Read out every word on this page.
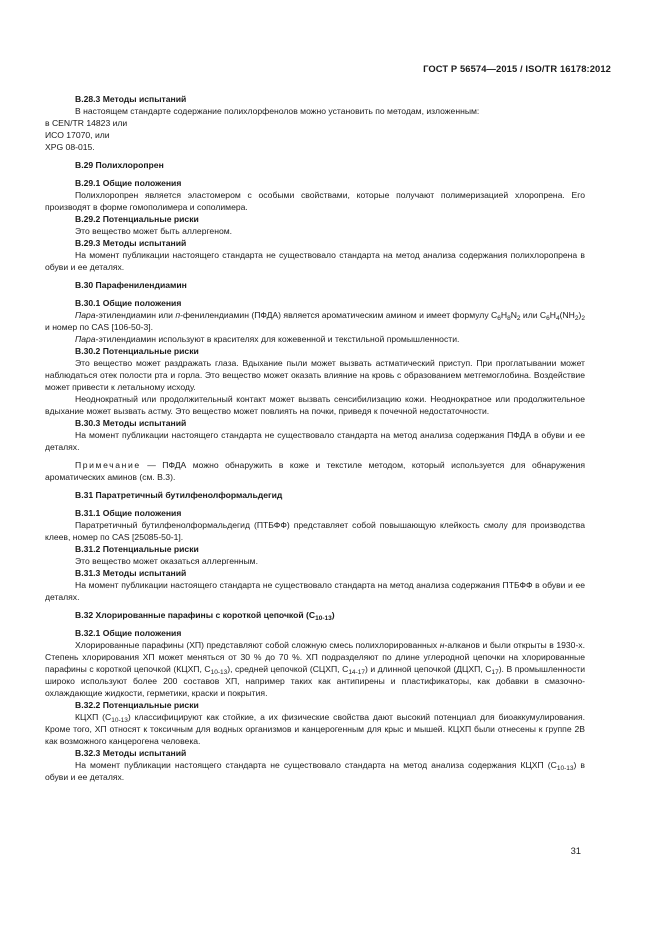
ГОСТ Р 56574—2015 / ISO/TR 16178:2012
В.28.3 Методы испытаний
В настоящем стандарте содержание полихлорфенолов можно установить по методам, изложенным:
в CEN/TR 14823 или
ИСО 17070, или
XPG 08-015.
В.29 Полихлоропрен
В.29.1 Общие положения
Полихлоропрен является эластомером с особыми свойствами, которые получают полимеризацией хлоропрена. Его производят в форме гомополимера и сополимера.
В.29.2 Потенциальные риски
Это вещество может быть аллергеном.
В.29.3 Методы испытаний
На момент публикации настоящего стандарта не существовало стандарта на метод анализа содержания полихлоропрена в обуви и ее деталях.
В.30 Парафенилендиамин
В.30.1 Общие положения
Пара-этилендиамин или п-фенилендиамин (ПФДА) является ароматическим амином и имеет формулу $C_6H_8N_2$ или $C_6H_4(NH_2)_2$ и номер по CAS [106-50-3].
Пара-этилендиамин используют в красителях для кожевенной и текстильной промышленности.
В.30.2 Потенциальные риски
Это вещество может раздражать глаза. Вдыхание пыли может вызвать астматический приступ. При проглатывании может наблюдаться отек полости рта и горла. Это вещество может оказать влияние на кровь с образованием метгемоглобина. Воздействие может привести к летальному исходу.
Неоднократный или продолжительный контакт может вызвать сенсибилизацию кожи. Неоднократное или продолжительное вдыхание может вызвать астму. Это вещество может повлиять на почки, приведя к почечной недостаточности.
В.30.3 Методы испытаний
На момент публикации настоящего стандарта не существовало стандарта на метод анализа содержания ПФДА в обуви и ее деталях.
Примечание — ПФДА можно обнаружить в коже и текстиле методом, который используется для обнаружения ароматических аминов (см. В.3).
В.31 Паратретичный бутилфенолформальдегид
В.31.1 Общие положения
Паратретичный бутилфенолформальдегид (ПТБФФ) представляет собой повышающую клейкость смолу для производства клеев, номер по CAS [25085-50-1].
В.31.2 Потенциальные риски
Это вещество может оказаться аллергенным.
В.31.3 Методы испытаний
На момент публикации настоящего стандарта не существовало стандарта на метод анализа содержания ПТБФФ в обуви и ее деталях.
В.32 Хлорированные парафины с короткой цепочкой $(C_{10-13})$
В.32.1 Общие положения
Хлорированные парафины (ХП) представляют собой сложную смесь полихлорированных н-алканов и были открыты в 1930-х. Степень хлорирования ХП может меняться от 30 % до 70 %. ХП подразделяют по длине углеродной цепочки на хлорированные парафины с короткой цепочкой (КЦХП, $C_{10-13}$), средней цепочкой (СЦХП, $C_{14-17}$) и длинной цепочкой (ДЦХП, $C_{17}$). В промышленности широко используют более 200 составов ХП, например таких как антипирены и пластификаторы, как добавки в смазочно-охлаждающие жидкости, герметики, краски и покрытия.
В.32.2 Потенциальные риски
КЦХП $(C_{10-13})$ классифицируют как стойкие, а их физические свойства дают высокий потенциал для биоаккумулирования. Кроме того, ХП относят к токсичным для водных организмов и канцерогенным для крыс и мышей. КЦХП были отнесены к группе 2В как возможного канцерогена человека.
В.32.3 Методы испытаний
На момент публикации настоящего стандарта не существовало стандарта на метод анализа содержания КЦХП $(C_{10-13})$ в обуви и ее деталях.
31
